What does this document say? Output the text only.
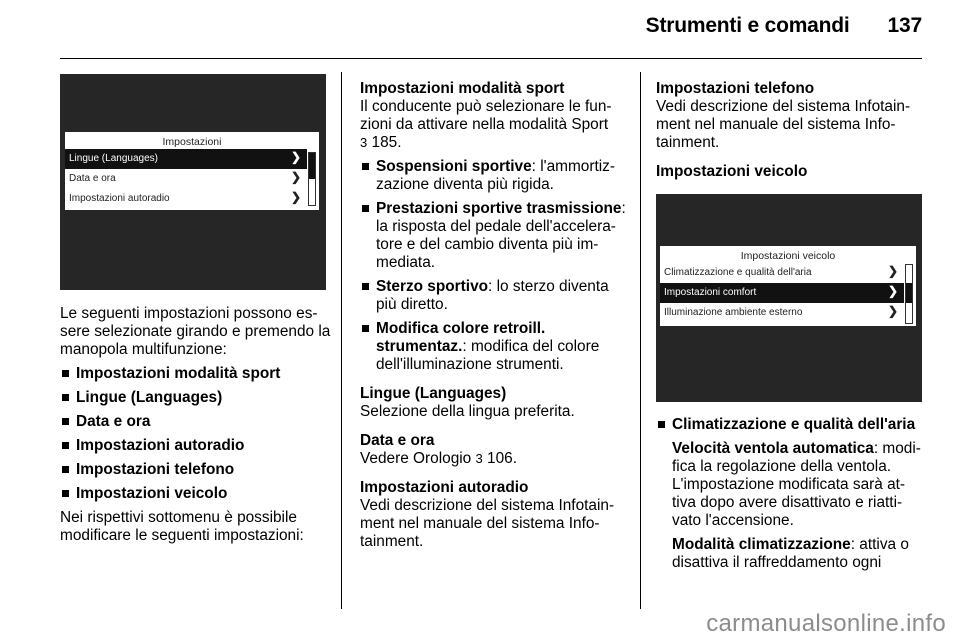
Strumenti e comandi 137
Impostazioni
Lingue (Languages)	❯
Data e ora	❯
Impostazioni autoradio	❯

Le seguenti impostazioni possono es-sere selezionate girando e premendo la manopola multifunzione:

Impostazioni modalità sport
Lingue (Languages)
Data e ora
Impostazioni autoradio
Impostazioni telefono
Impostazioni veicolo

Nei rispettivi sottomenu è possibile modificare le seguenti impostazioni:

Impostazioni modalità sport

Il conducente può selezionare le fun-zioni da attivare nella modalità Sport
3 185.

Sospensioni sportive: l'ammortiz-zazione diventa più rigida.
Prestazioni sportive trasmissione: la risposta del pedale dell'accelera-tore e del cambio diventa più im-mediata.
Sterzo sportivo: lo sterzo diventa più diretto.
Modifica colore retroill. strumentaz.: modifica del colore dell'illuminazione strumenti.

Lingue (Languages)

Selezione della lingua preferita.

Data e ora

Vedere Orologio 3 106.

Impostazioni autoradio

Vedi descrizione del sistema Infotain-ment nel manuale del sistema Info-tainment.

Impostazioni telefono

Vedi descrizione del sistema Infotain-ment nel manuale del sistema Info-tainment.

Impostazioni veicolo

Impostazioni veicolo
Climatizzazione e qualità dell'aria	❯
Impostazioni comfort	❯
Illuminazione ambiente esterno	❯
Climatizzazione e qualità dell'aria

Velocità ventola automatica: modi-fica la regolazione della ventola. L'impostazione modificata sarà at-tiva dopo avere disattivato e riatti-vato l'accensione.

Modalità climatizzazione: attiva o disattiva il raffreddamento ogni

carmanualsonline.info
